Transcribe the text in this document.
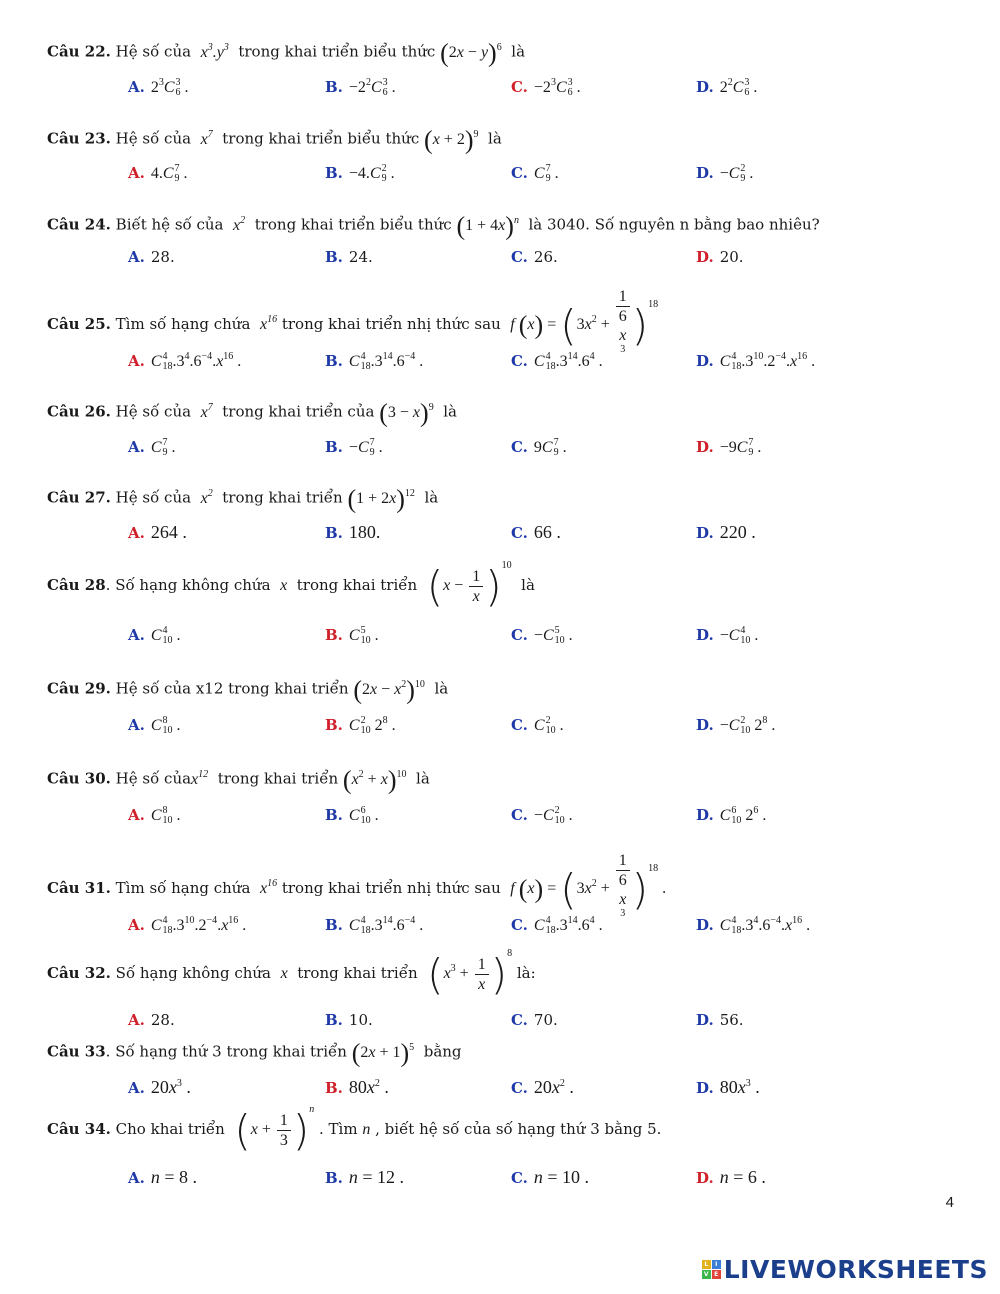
Câu 22. Hệ số của $x^3.y^3$ trong khai triển biểu thức $(2x - y)^6$ là
A. $2^3C$ 3
6 .	B. $-2^2C$ 3
6 .	C. $-2^3C$ 3
6 .	D. $2^2C$ 3
6 .
Câu 23. Hệ số của $x^7$ trong khai triển biểu thức $(x + 2)^9$ là
A. 4.C 7
9 .	B. −4.C 2
9 .	C. C 7
9 .	D. −C 2
9 .
Câu 24. Biết hệ số của $x^2$ trong khai triển biểu thức $(1 + 4x)^n$ là 3040. Số nguyên n bằng bao nhiêu?
A. 28.	B. 24.	C. 26.	D. 20.
Câu 25. Tìm số hạng chứa $x^{16}$ trong khai triển nhị thức sau f $(x) = (3x^2 + 1$
6
x
$^3$ )$^{18}$
A. C 4
18 $.3^4.6^{-4}.x^{16}$ .	B. C 4
18 $.3^{14}.6^{-4}$ .	C. C 4
18 $.3^{14}.6^4$ .	D. C 4
18 $.3^{10}.2^{-4}.x^{16}$ .
Câu 26. Hệ số của $x^7$ trong khai triển của $(3 - x)^9$ là
A. C 7
9 .	B. −C 7
9 .	C. 9C 7
9 .	D. −9C 7
9 .
Câu 27. Hệ số của $x^2$ trong khai triển $(1 + 2x)^{12}$ là
A. 264 .	B. 180.	C. 66 .	D. 220 .
Câu 28. Số hạng không chứa x trong khai triển $(x - \frac{1}{x} )^{10}$  là
A. C 4
10 .	B. C 5
10 .	C. −C 5
10 .	D. −C 4
10 .
Câu 29. Hệ số của x12 trong khai triển $(2x - x^2)^{10}$ là
A. C 8
10 .	B. C 2
10 $2^8$ .	C. C 2
10 .	D. −C 2
10 $2^8$ .
Câu 30. Hệ số củax$^{12}$ trong khai triển $(x^2 + x)^{10}$ là
A. C 8
10 .	B. C 6
10 .	C. −C 2
10 .	D. C 6
10 $2^6$ .
Câu 31. Tìm số hạng chứa $x^{16}$ trong khai triển nhị thức sau f $(x) = (3x^2 + 1$
6
x
$^3$ )$^{18}$ .
A. C 4
18 $.3^{10}.2^{-4}.x^{16}$ .	B. C 4
18 $.3^{14}.6^{-4}$ .	C. C 4
18 $.3^{14}.6^4$ .	D. C 4
18 $.3^4.6^{-4}.x^{16}$ .
Câu 32. Số hạng không chứa x trong khai triển $(x^3 + \frac{1}{x} )^8$ là:
A. 28.	B. 10.	C. 70.	D. 56.
Câu 33. Số hạng thứ 3 trong khai triển $(2x + 1)^5$ bằng
A. $20x^3$ .	B. $80x^2$ .	C. $20x^2$ .	D. $80x^3$ .
Câu 34. Cho khai triển $(x + \frac{1}{3} )^n$ . Tìm n , biết hệ số của số hạng thứ 3 bằng 5.
A. n = 8 .	B. n = 12 .	C. n = 10 .	D. n = 6 .
4
L	I
V E LIVEWORKSHEETS
